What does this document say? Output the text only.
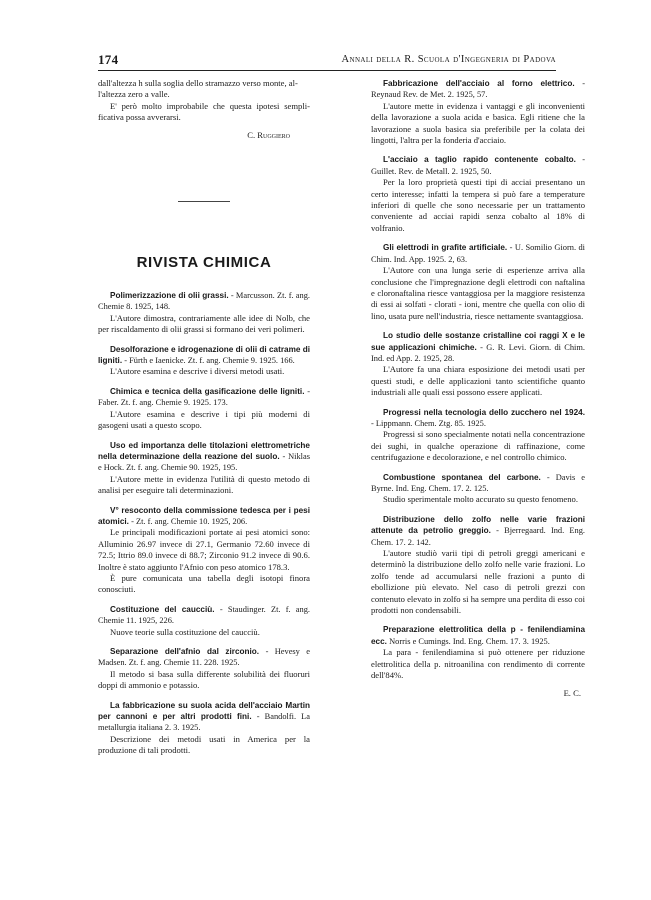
174	Annali della R. Scuola d'Ingegneria di Padova

dall'altezza h sulla soglia dello stramazzo verso monte, al-

l'altezza zero a valle.

E' però molto improbabile che questa ipotesi sempli- ficativa possa avverarsi.

C. Ruggiero

RIVISTA CHIMICA

Polimerizzazione di olii grassi. - Marcusson. Zt. f. ang. Chemie 8. 1925, 148.

L'Autore dimostra, contrariamente alle idee di Nolb, che per riscaldamento di olii grassi si formano dei veri polimeri.

Desolforazione e idrogenazione di olii di catrame di ligniti. - Fürth e Iaenicke. Zt. f. ang. Chemie 9. 1925. 166.

L'Autore esamina e descrive i diversi metodi usati.

Chimica e tecnica della gasificazione delle ligniti. - Faber. Zt. f. ang. Chemie 9. 1925. 173.

L'Autore esamina e descrive i tipi più moderni di gasogeni usati a questo scopo.

Uso ed importanza delle titolazioni elettrometriche nella determinazione della reazione del suolo. - Niklas e Hock. Zt. f. ang. Chemie 90. 1925, 195.

L'Autore mette in evidenza l'utilità di questo metodo di analisi per eseguire tali determinazioni.

V° resoconto della commissione tedesca per i pesi atomici. - Zt. f. ang. Chemie 10. 1925, 206.

Le principali modificazioni portate ai pesi atomici sono: Alluminio 26.97 invece di 27.1, Germanio 72.60 invece di 72.5; Ittrio 89.0 invece di 88.7; Zirconio 91.2 invece di 90.6. Inoltre è stato aggiunto l'Afnio con peso atomico 178.3.

È pure comunicata una tabella degli isotopi finora conosciuti.

Costituzione del caucciù. - Staudinger. Zt. f. ang. Chemie 11. 1925, 226.

Nuove teorie sulla costituzione del caucciù.

Separazione dell'afnio dal zirconio. - Hevesy e Madsen. Zt. f. ang. Chemie 11. 228. 1925.

Il metodo si basa sulla differente solubilità dei fluoruri doppi di ammonio e potassio.

La fabbricazione su suola acida dell'acciaio Martin per cannoni e per altri prodotti fini. - Bandolfi. La metallurgia italiana 2. 3. 1925.

Descrizione dei metodi usati in America per la produzione di tali prodotti.

Fabbricazione dell'acciaio al forno elettrico. - Reynaud Rev. de Met. 2. 1925, 57.

L'autore mette in evidenza i vantaggi e gli inconvenienti della lavorazione a suola acida e basica. Egli ritiene che la lavorazione a suola basica sia preferibile per la colata dei lingotti, l'altra per la fonderia d'acciaio.

L'acciaio a taglio rapido contenente cobalto. - Guillet. Rev. de Metall. 2. 1925, 50.

Per la loro proprietà questi tipi di acciai presentano un certo interesse; infatti la tempera si può fare a temperature inferiori di quelle che sono necessarie per un trattamento conveniente ad acciai rapidi senza cobalto al 18% di volfranio.

Gli elettrodi in grafite artificiale. - U. Somilio Giorn. di Chim. Ind. App. 1925. 2, 63.

L'Autore con una lunga serie di esperienze arriva alla conclusione che l'impregnazione degli elettrodi con naftalina e cloronaftalina riesce vantaggiosa per la maggiore resistenza di essi ai solfati - clorati - ioni, mentre che quella con olio di lino, usata pure nell'industria, riesce nettamente svantaggiosa.

Lo studio delle sostanze cristalline coi raggi X e le sue applicazioni chimiche. - G. R. Levi. Giorn. di Chim. Ind. ed App. 2. 1925, 28.

L'Autore fa una chiara esposizione dei metodi usati per questi studi, e delle applicazioni tanto scientifiche quanto industriali alle quali essi possono essere applicati.

Progressi nella tecnologia dello zucchero nel 1924. - Lippmann. Chem. Ztg. 85. 1925.

Progressi si sono specialmente notati nella concentrazione dei sughi, in qualche operazione di raffinazione, come centrifugazione e decolorazione, e nel controllo chimico.

Combustione spontanea del carbone. - Davis e Byrne. Ind. Eng. Chem. 17. 2. 125.

Studio sperimentale molto accurato su questo fenomeno.

Distribuzione dello zolfo nelle varie frazioni attenute da petrolio greggio. - Bjerregaard. Ind. Eng. Chem. 17. 2. 142.

L'autore studiò varii tipi di petroli greggi americani e determinò la distribuzione dello zolfo nelle varie frazioni. Lo zolfo tende ad accumularsi nelle frazioni a punto di ebollizione più elevato. Nel caso di petroli grezzi con contenuto elevato in zolfo si ha sempre una perdita di esso coi prodotti non condensabili.

Preparazione elettrolitica della p - fenilendiamina ecc. Norris e Cumings. Ind. Eng. Chem. 17. 3. 1925.

La para - fenilendiamina si può ottenere per riduzione elettrolitica della p. nitroanilina con rendimento di corrente dell'84%.

E. C.
